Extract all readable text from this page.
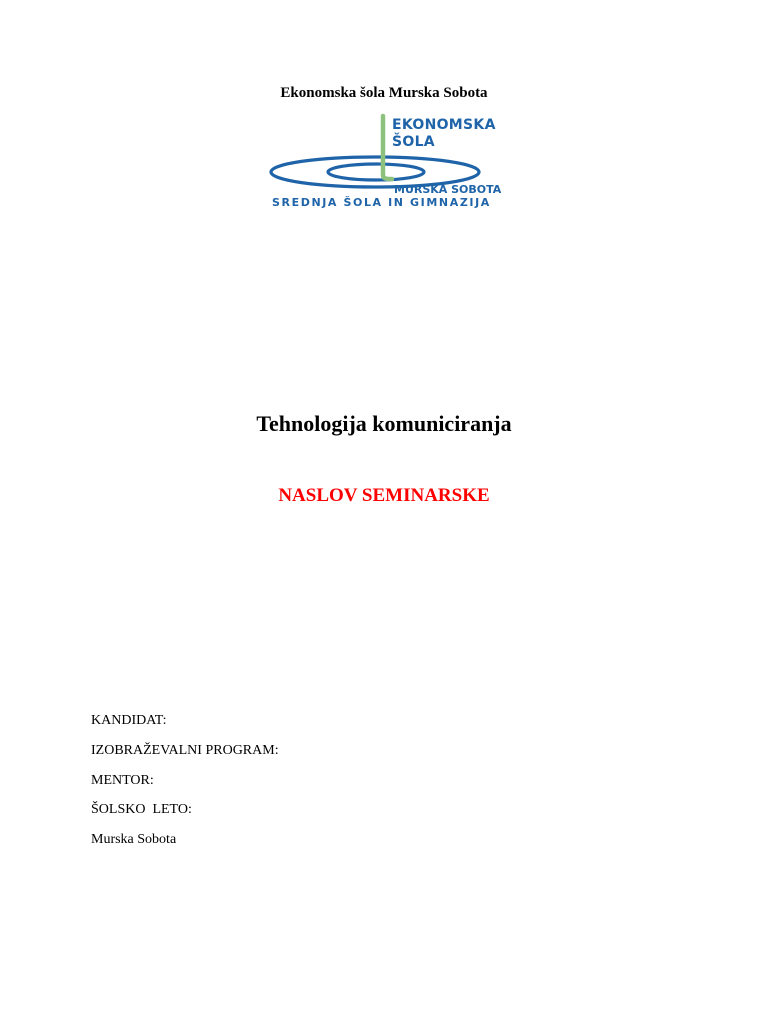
Ekonomska šola Murska Sobota
EKONOMSKA
ŠOLA
MURSKA SOBOTA
SREDNJA ŠOLA IN GIMNAZIJA
Tehnologija komuniciranja
NASLOV SEMINARSKE
KANDIDAT:
IZOBRAŽEVALNI PROGRAM:
MENTOR:
ŠOLSKO  LETO:
Murska Sobota
